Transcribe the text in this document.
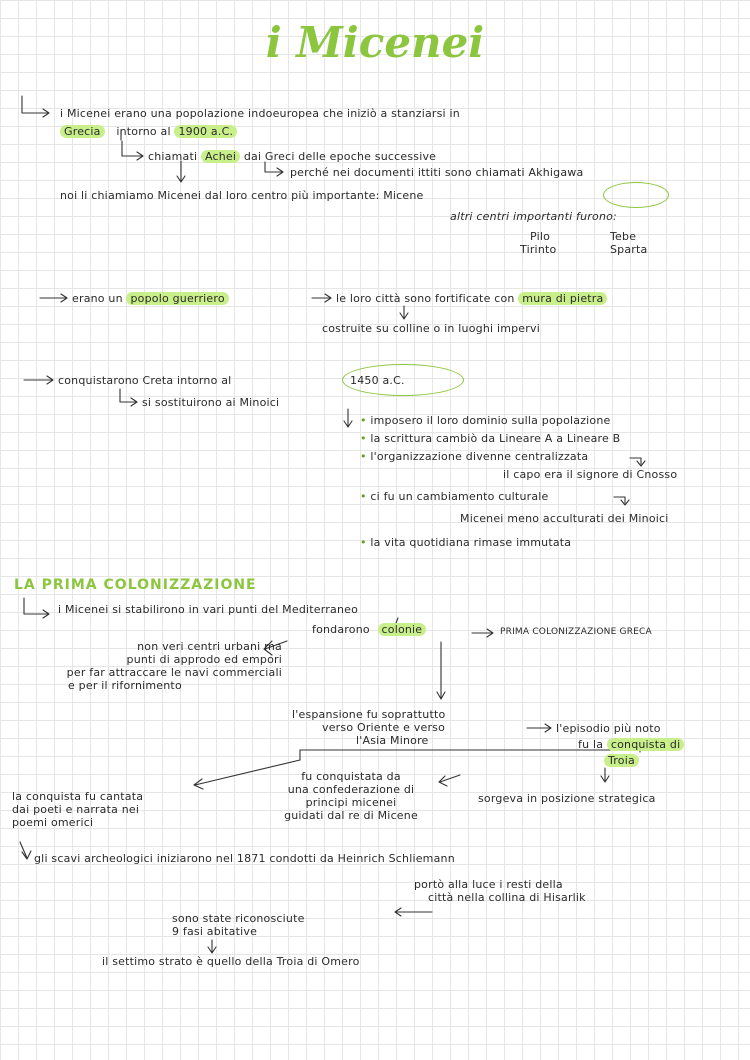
i Micenei
i Micenei erano una popolazione indoeuropea che iniziò a stanziarsi in
Grecia intorno al 1900 a.C.
chiamati Achei dai Greci delle epoche successive
perché nei documenti ittiti sono chiamati Akhigawa
noi li chiamiamo Micenei dal loro centro più importante: Micene
altri centri importanti furono:
Pilo
Tirinto
Tebe
Sparta
erano un popolo guerriero	le loro città sono fortificate con mura di pietra
costruite su colline o in luoghi impervi
conquistarono Creta intorno al	1450 a.C.
si sostituirono ai Minoici
• imposero il loro dominio sulla popolazione
• la scrittura cambiò da Lineare A a Lineare B
• l'organizzazione divenne centralizzata
il capo era il signore di Cnosso
• ci fu un cambiamento culturale
Micenei meno acculturati dei Minoici
• la vita quotidiana rimase immutata
LA PRIMA COLONIZZAZIONE
i Micenei si stabilirono in vari punti del Mediterraneo
fondarono colonie	PRIMA COLONIZZAZIONE GRECA
non veri centri urbani ma
punti di approdo ed empori
per far attraccare le navi commerciali
e per il rifornimento
l'espansione fu soprattutto
verso Oriente e verso
l'Asia Minore
l'episodio più noto
fu la conquista di
Troia
fu conquistata da
una confederazione di
principi micenei
guidati dal re di Micene
sorgeva in posizione strategica
la conquista fu cantata
dai poeti e narrata nei
poemi omerici
gli scavi archeologici iniziarono nel 1871 condotti da Heinrich Schliemann
portò alla luce i resti della
città nella collina di Hisarlik
sono state riconosciute
9 fasi abitative
il settimo strato è quello della Troia di Omero
